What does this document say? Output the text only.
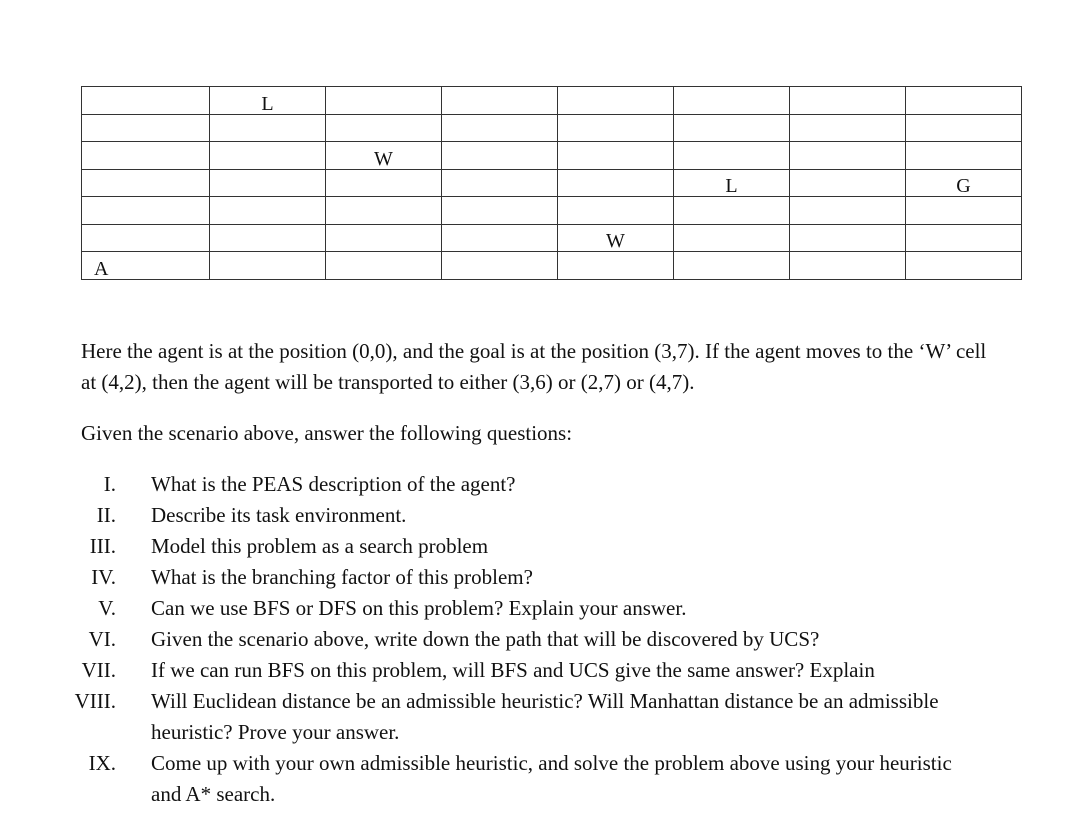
	L						

		W					
					L		G

				W			
A							

Here the agent is at the position (0,0), and the goal is at the position (3,7). If the agent moves to the ‘W’ cell at (4,2), then the agent will be transported to either (3,6) or (2,7) or (4,7).

Given the scenario above, answer the following questions:

I. What is the PEAS description of the agent?
II. Describe its task environment.
III. Model this problem as a search problem
IV. What is the branching factor of this problem?
V. Can we use BFS or DFS on this problem? Explain your answer.
VI. Given the scenario above, write down the path that will be discovered by UCS?
VII. If we can run BFS on this problem, will BFS and UCS give the same answer? Explain
VIII. Will Euclidean distance be an admissible heuristic? Will Manhattan distance be an admissible heuristic? Prove your answer.
IX. Come up with your own admissible heuristic, and solve the problem above using your heuristic and A* search.
